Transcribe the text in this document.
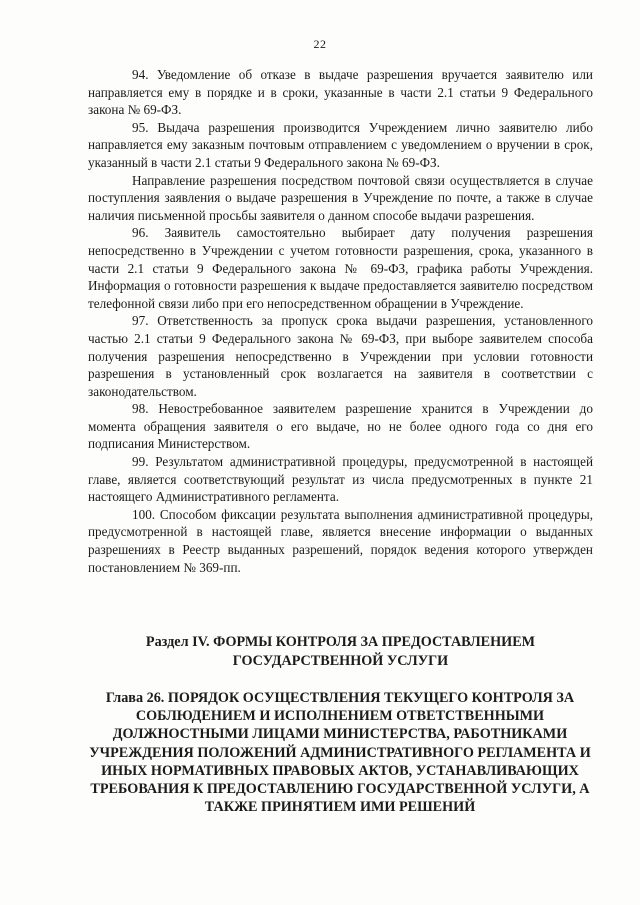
22

94. Уведомление об отказе в выдаче разрешения вручается заявителю или направляется ему в порядке и в сроки, указанные в части 2.1 статьи 9 Федерального закона № 69-ФЗ.

95. Выдача разрешения производится Учреждением лично заявителю либо направляется ему заказным почтовым отправлением с уведомлением о вручении в срок, указанный в части 2.1 статьи 9 Федерального закона № 69-ФЗ.

Направление разрешения посредством почтовой связи осуществляется в случае поступления заявления о выдаче разрешения в Учреждение по почте, а также в случае наличия письменной просьбы заявителя о данном способе выдачи разрешения.

96. Заявитель самостоятельно выбирает дату получения разрешения непосредственно в Учреждении с учетом готовности разрешения, срока, указанного в части 2.1 статьи 9 Федерального закона № 69-ФЗ, графика работы Учреждения. Информация о готовности разрешения к выдаче предоставляется заявителю посредством телефонной связи либо при его непосредственном обращении в Учреждение.

97. Ответственность за пропуск срока выдачи разрешения, установленного частью 2.1 статьи 9 Федерального закона № 69-ФЗ, при выборе заявителем способа получения разрешения непосредственно в Учреждении при условии готовности разрешения в установленный срок возлагается на заявителя в соответствии с законодательством.

98. Невостребованное заявителем разрешение хранится в Учреждении до момента обращения заявителя о его выдаче, но не более одного года со дня его подписания Министерством.

99. Результатом административной процедуры, предусмотренной в настоящей главе, является соответствующий результат из числа предусмотренных в пункте 21 настоящего Административного регламента.

100. Способом фиксации результата выполнения административной процедуры, предусмотренной в настоящей главе, является внесение информации о выданных разрешениях в Реестр выданных разрешений, порядок ведения которого утвержден постановлением № 369-пп.

Раздел IV. ФОРМЫ КОНТРОЛЯ ЗА ПРЕДОСТАВЛЕНИЕМ ГОСУДАРСТВЕННОЙ УСЛУГИ
Глава 26. ПОРЯДОК ОСУЩЕСТВЛЕНИЯ ТЕКУЩЕГО КОНТРОЛЯ ЗА СОБЛЮДЕНИЕМ И ИСПОЛНЕНИЕМ ОТВЕТСТВЕННЫМИ ДОЛЖНОСТНЫМИ ЛИЦАМИ МИНИСТЕРСТВА, РАБОТНИКАМИ УЧРЕЖДЕНИЯ ПОЛОЖЕНИЙ АДМИНИСТРАТИВНОГО РЕГЛАМЕНТА И ИНЫХ НОРМАТИВНЫХ ПРАВОВЫХ АКТОВ, УСТАНАВЛИВАЮЩИХ ТРЕБОВАНИЯ К ПРЕДОСТАВЛЕНИЮ ГОСУДАРСТВЕННОЙ УСЛУГИ, А ТАКЖЕ ПРИНЯТИЕМ ИМИ РЕШЕНИЙ
